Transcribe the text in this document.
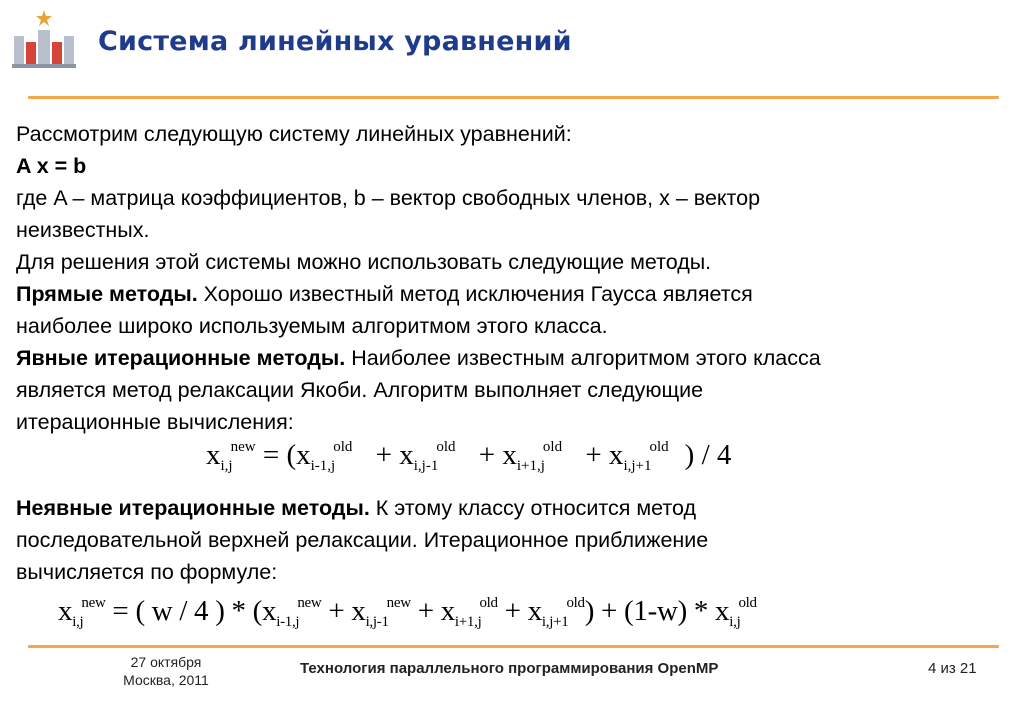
Система линейных уравнений

Рассмотрим следующую систему линейных уравнений:

A x = b

где A – матрица коэффициентов, b – вектор свободных членов, x – вектор

неизвестных.

Для решения этой системы можно использовать следующие методы.

Прямые методы. Хорошо известный метод исключения Гаусса является

наиболее широко используемым алгоритмом этого класса.

Явные итерационные методы. Наиболее известным алгоритмом этого класса

является метод релаксации Якоби. Алгоритм выполняет следующие

итерационные вычисления:

$x_{i,j}^{new} = (x_{i-1,j}^{old} + x_{i,j-1}^{old} + x_{i+1,j}^{old} + x_{i,j+1}^{old}$ ) / 4

Неявные итерационные методы. К этому классу относится метод

последовательной верхней релаксации. Итерационное приближение

вычисляется по формуле:

$x_{i,j}^{new}$ = ( w / 4 ) * $(x_{i-1,j}^{new} + x_{i,j-1}^{new} + x_{i+1,j}^{old} + x_{i,j+1}^{old}) + (1-w) * x_{i,j}^{old}$
27 октября
Москва, 2011
Технология параллельного программирования OpenMP	4 из 21
